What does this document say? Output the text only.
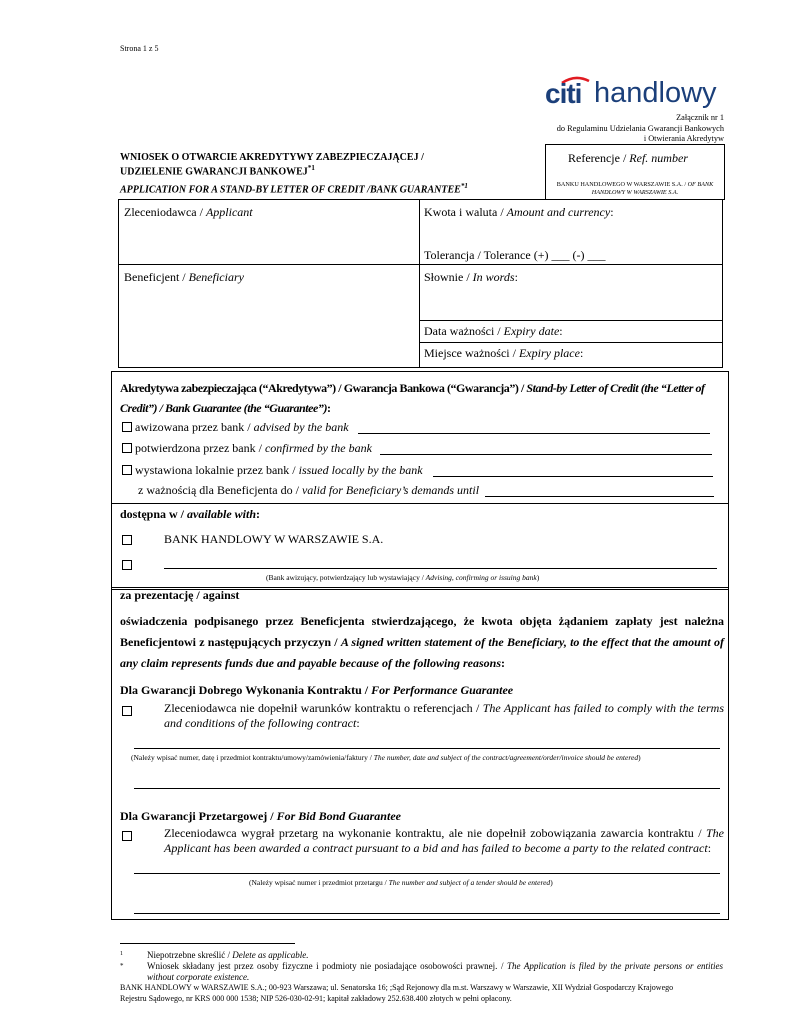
Strona 1 z 5
citi handlowy
Załącznik nr 1
do Regulaminu Udzielania Gwarancji Bankowych
i Otwierania Akredytyw
WNIOSEK O OTWARCIE AKREDYTYWY ZABEZPIECZAJĄCEJ /
UDZIELENIE GWARANCJI BANKOWEJ$^{*1}$
APPLICATION FOR A STAND-BY LETTER OF CREDIT /BANK GUARANTEE$^{*1}$
Referencje / Ref. number
BANKU HANDLOWEGO W WARSZAWIE S.A. / OF BANK
HANDLOWY W WARSZAWIE S.A.
Zleceniodawca / Applicant	Kwota i waluta / Amount and currency:
Tolerancja / Tolerance (+) ___ (-) ___
Beneficjent / Beneficiary	Słownie / In words:
Data ważności / Expiry date:
Miejsce ważności / Expiry place:
Akredytywa zabezpieczająca (“Akredytywa”) / Gwarancja Bankowa (“Gwarancja”) / Stand-by Letter of Credit (the “Letter of
Credit”) / Bank Guarantee (the “Guarantee”):
awizowana przez bank / advised by the bank
potwierdzona przez bank / confirmed by the bank
wystawiona lokalnie przez bank / issued locally by the bank
z ważnością dla Beneficjenta do / valid for Beneficiary’s demands until
dostępna w / available with:
BANK HANDLOWY W WARSZAWIE S.A.
(Bank awizujący, potwierdzający lub wystawiający / Advising, confirming or issuing bank)
za prezentację / against
oświadczenia podpisanego przez Beneficjenta stwierdzającego, że kwota objęta żądaniem zapłaty jest należna Beneficjentowi z następujących przyczyn / A signed written statement of the Beneficiary, to the effect that the amount of any claim represents funds due and payable because of the following reasons:
Dla Gwarancji Dobrego Wykonania Kontraktu / For Performance Guarantee
Zleceniodawca nie dopełnił warunków kontraktu o referencjach / The Applicant has failed to comply with the terms and conditions of the following contract:
(Należy wpisać numer, datę i przedmiot kontraktu/umowy/zamówienia/faktury / The number, date and subject of the contract/agreement/order/invoice should be entered)
Dla Gwarancji Przetargowej / For Bid Bond Guarantee
Zleceniodawca wygrał przetarg na wykonanie kontraktu, ale nie dopełnił zobowiązania zawarcia kontraktu / The Applicant has been awarded a contract pursuant to a bid and has failed to become a party to the related contract:
(Należy wpisać numer i przedmiot przetargu / The number and subject of a tender should be entered)
1	Niepotrzebne skreślić / Delete as applicable.
*	Wniosek składany jest przez osoby fizyczne i podmioty nie posiadające osobowości prawnej. / The Application is filed by the private persons or entities without corporate existence.
BANK HANDLOWY w WARSZAWIE S.A.; 00-923 Warszawa; ul. Senatorska 16; ;Sąd Rejonowy dla m.st. Warszawy w Warszawie, XII Wydział Gospodarczy Krajowego
Rejestru Sądowego, nr KRS 000 000 1538; NIP 526-030-02-91; kapitał zakładowy 252.638.400 złotych w pełni opłacony.
